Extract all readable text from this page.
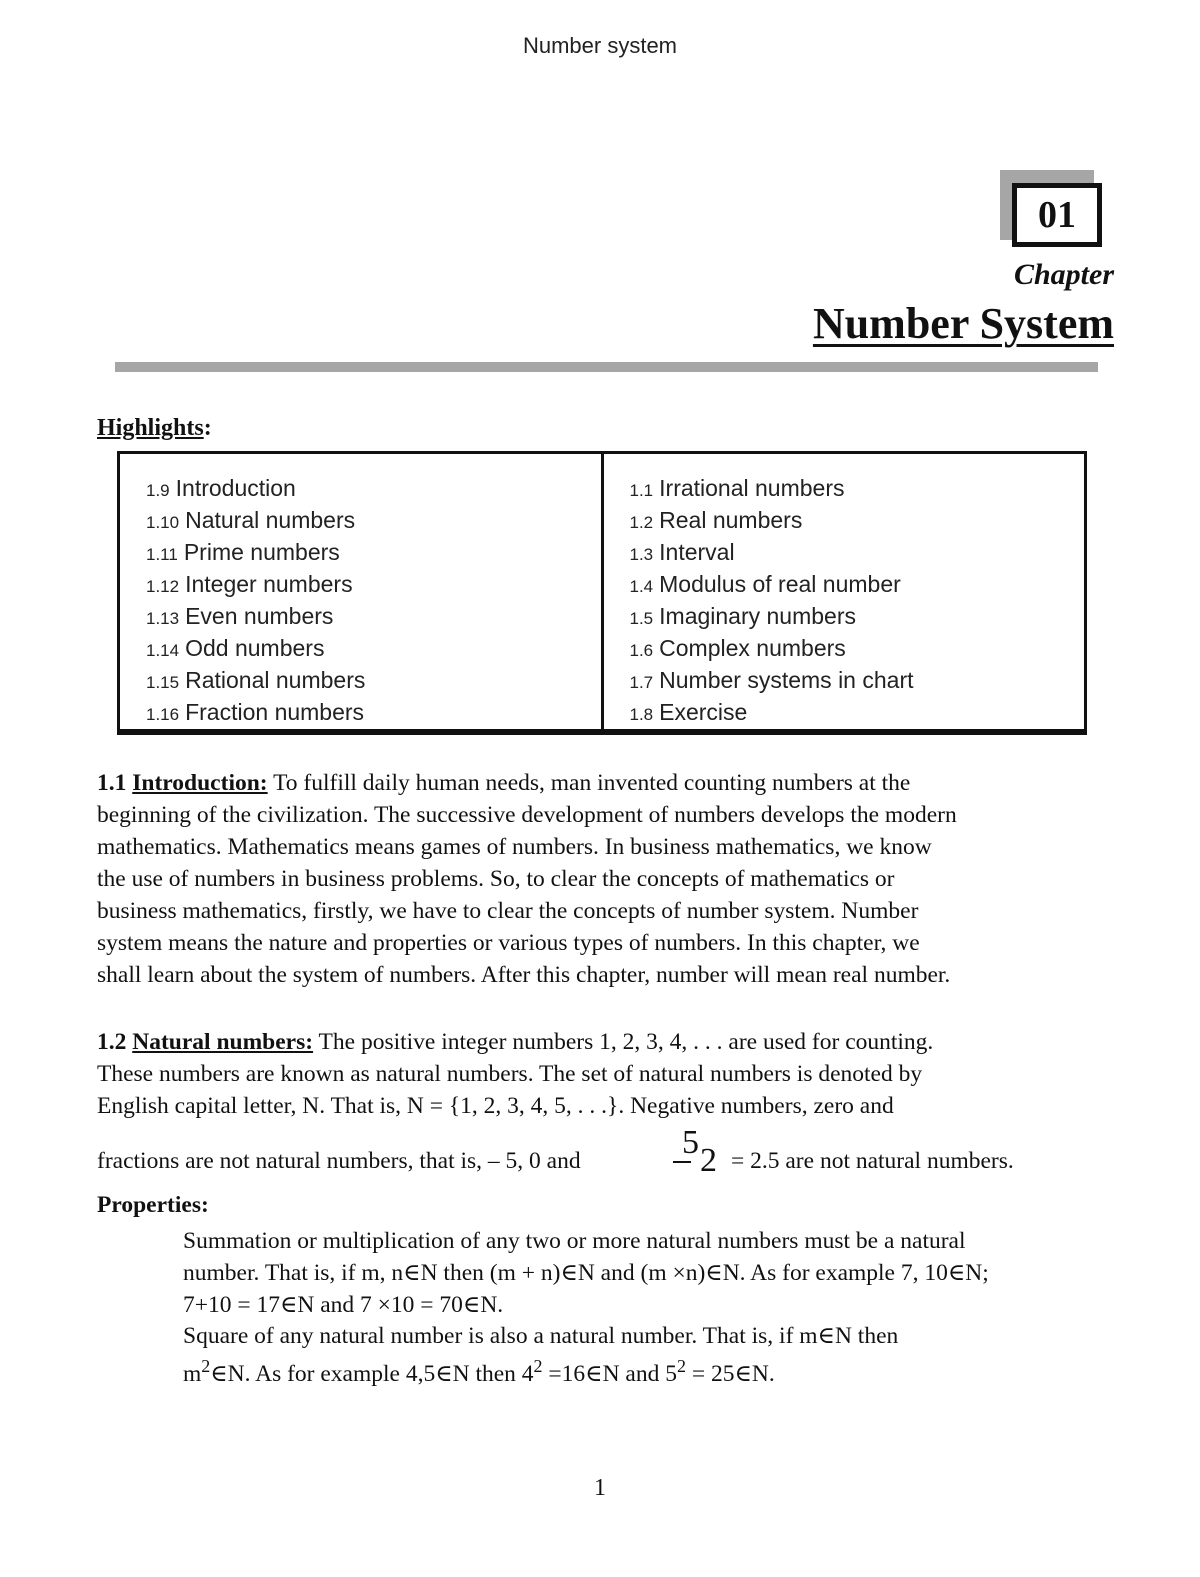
Number system
01
Chapter
Number System
Highlights:
1.9 Introduction
1.10 Natural numbers
1.11 Prime numbers
1.12 Integer numbers
1.13 Even numbers
1.14 Odd numbers
1.15 Rational numbers
1.16 Fraction numbers
1.1 Irrational numbers
1.2 Real numbers
1.3 Interval
1.4 Modulus of real number
1.5 Imaginary numbers
1.6 Complex numbers
1.7 Number systems in chart
1.8 Exercise
1.1 Introduction: To fulfill daily human needs, man invented counting numbers at the
beginning of the civilization. The successive development of numbers develops the modern
mathematics. Mathematics means games of numbers. In business mathematics, we know
the use of numbers in business problems. So, to clear the concepts of mathematics or
business mathematics, firstly, we have to clear the concepts of number system. Number
system means the nature and properties or various types of numbers. In this chapter, we
shall learn about the system of numbers. After this chapter, number will mean real number.
1.2 Natural numbers: The positive integer numbers 1, 2, 3, 4, . . . are used for counting.
These numbers are known as natural numbers. The set of natural numbers is denoted by
English capital letter, N. That is, N = {1, 2, 3, 4, 5, . . .}. Negative numbers, zero and
fractions are not natural numbers, that is, – 5, 0 and	5 2 = 2.5 are not natural numbers.
Properties:
Summation or multiplication of any two or more natural numbers must be a natural
number. That is, if m, n∈N then (m + n)∈N and (m ×n)∈N. As for example 7, 10∈N;
7+10 = 17∈N and 7 ×10 = 70∈N.
Square of any natural number is also a natural number. That is, if m∈N then
$m^2\in N$. As for example 4,5∈N then $4^2$ =16∈N and $5^2$ = 25∈N.
1
